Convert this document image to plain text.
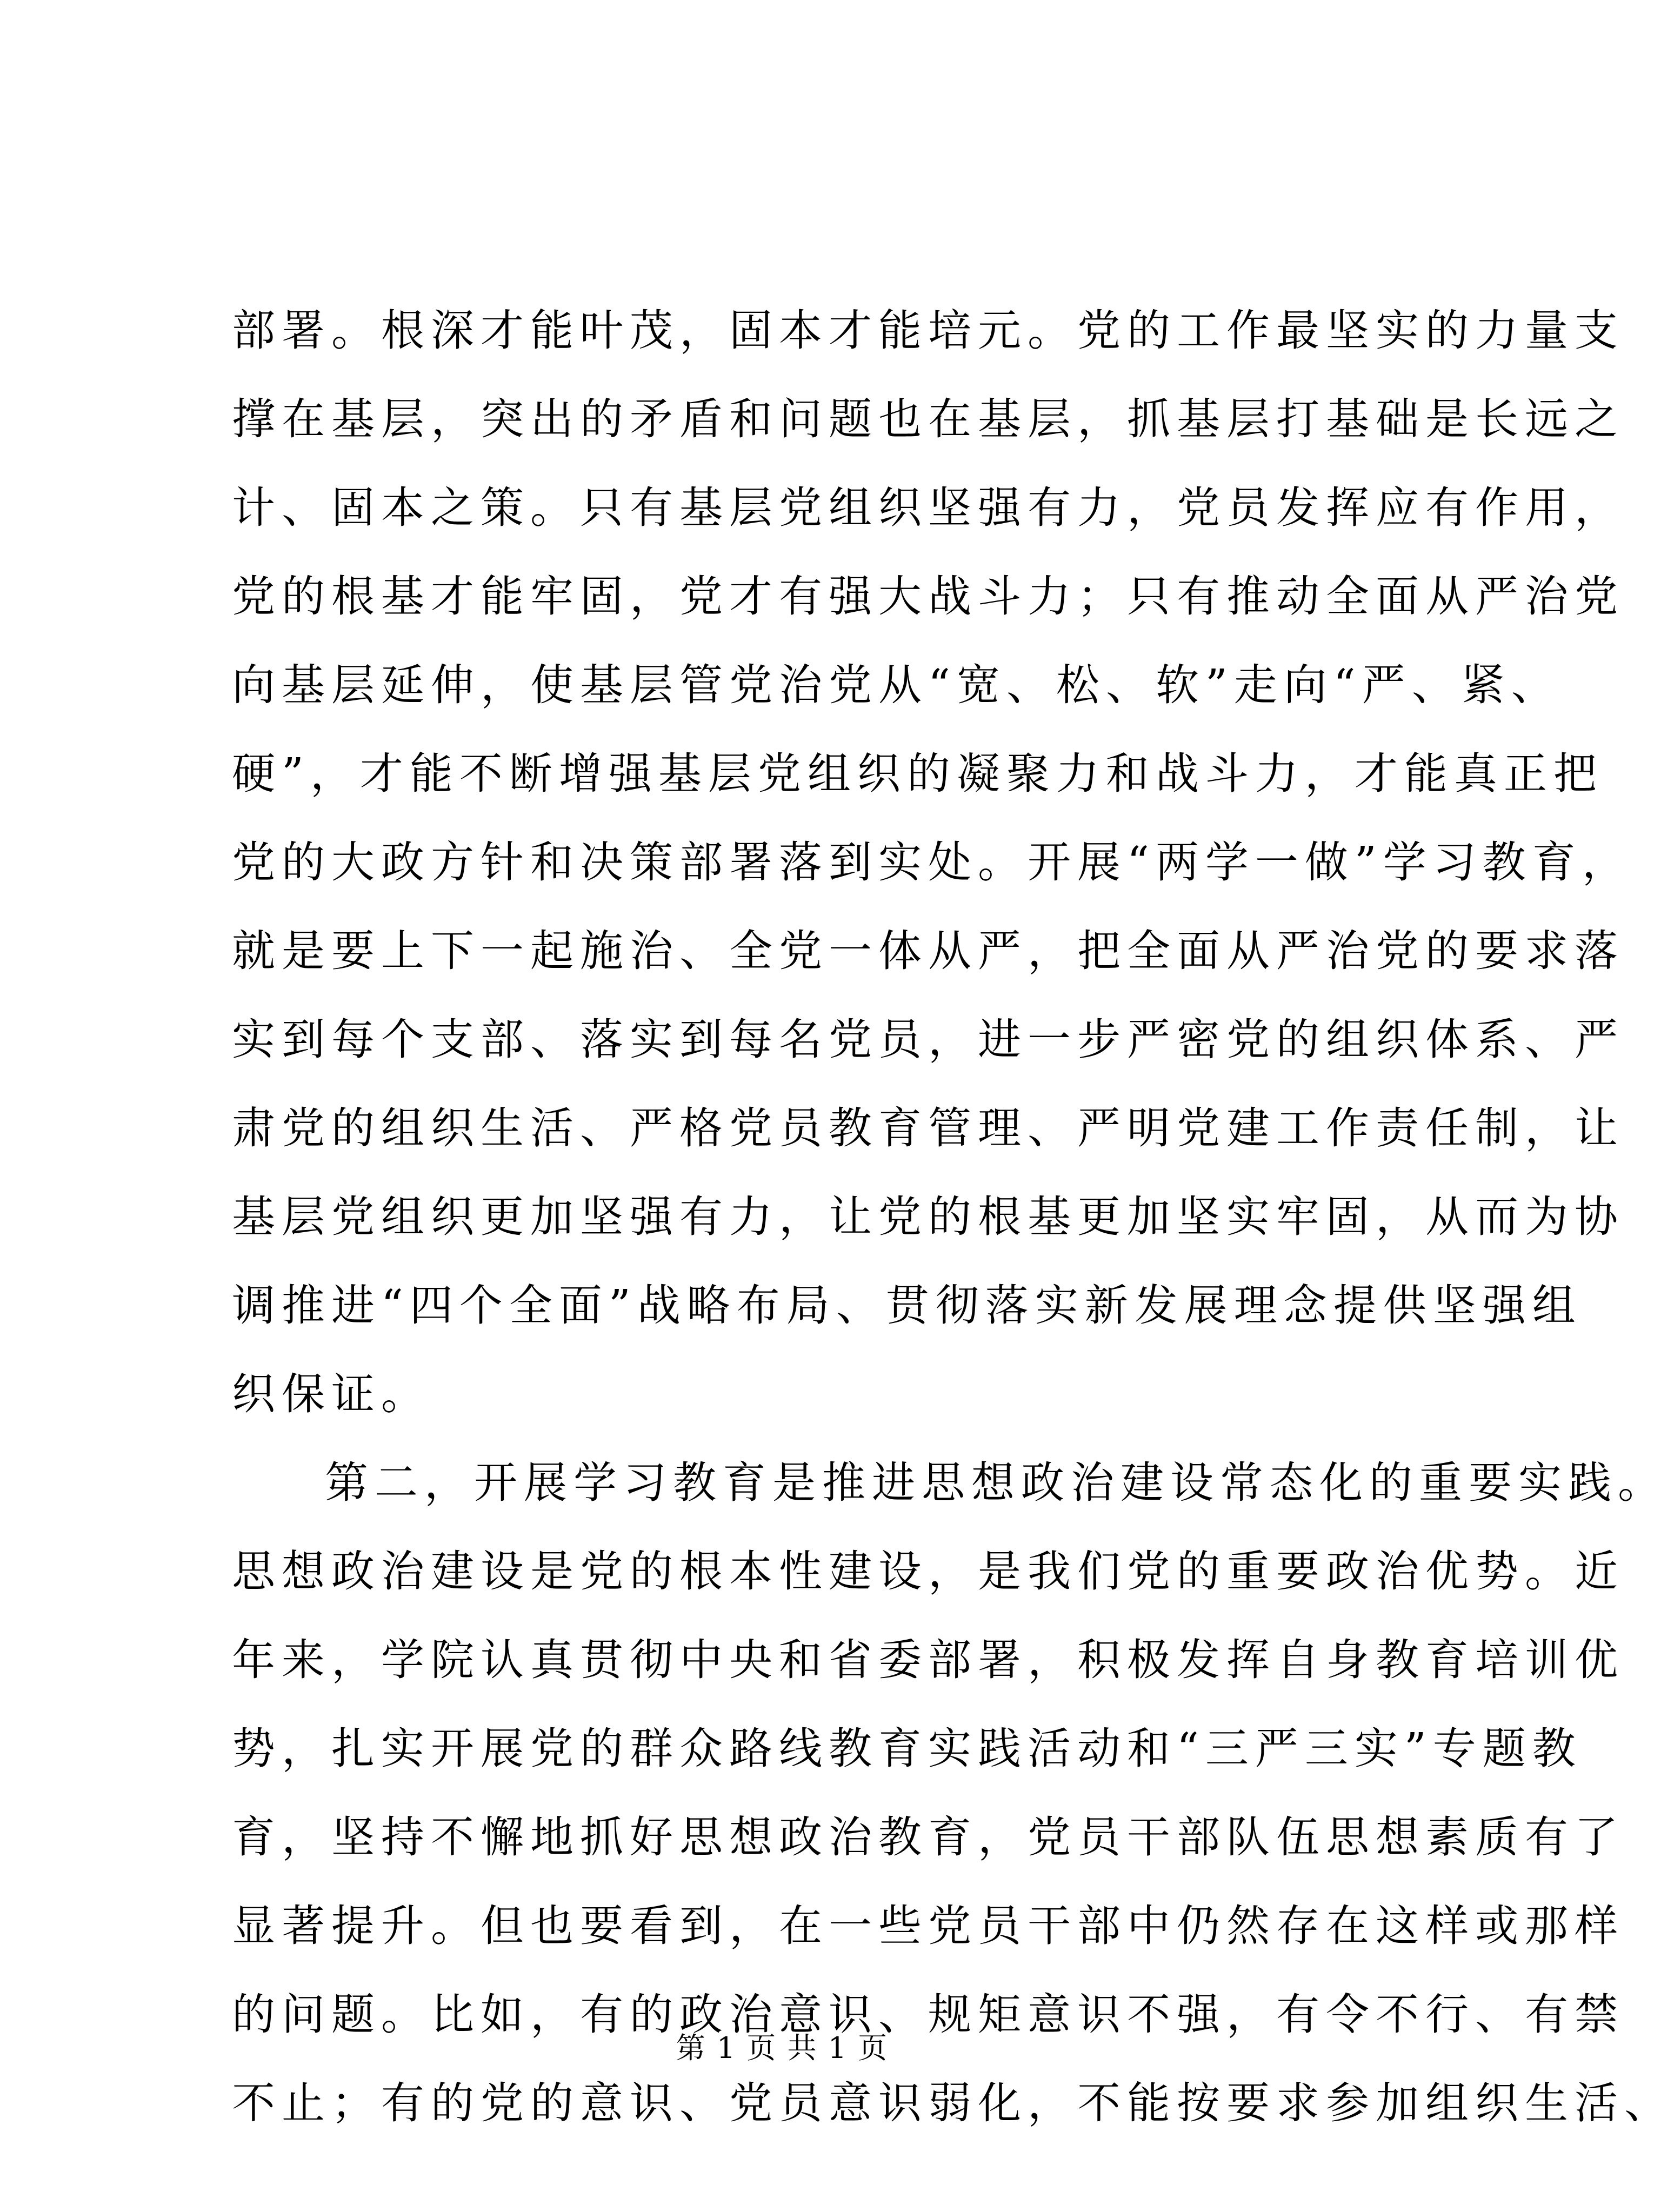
部署。根深才能叶茂，固本才能培元。党的工作最坚实的力量支
撑在基层，突出的矛盾和问题也在基层，抓基层打基础是长远之
计、固本之策。只有基层党组织坚强有力，党员发挥应有作用，
党的根基才能牢固，党才有强大战斗力；只有推动全面从严治党
向基层延伸，使基层管党治党从“宽、松、软”走向“严、紧、
硬”，才能不断增强基层党组织的凝聚力和战斗力，才能真正把
党的大政方针和决策部署落到实处。开展“两学一做”学习教育，
就是要上下一起施治、全党一体从严，把全面从严治党的要求落
实到每个支部、落实到每名党员，进一步严密党的组织体系、严
肃党的组织生活、严格党员教育管理、严明党建工作责任制，让
基层党组织更加坚强有力，让党的根基更加坚实牢固，从而为协
调推进“四个全面”战略布局、贯彻落实新发展理念提供坚强组
织保证。
第二，开展学习教育是推进思想政治建设常态化的重要实践。
思想政治建设是党的根本性建设，是我们党的重要政治优势。近
年来，学院认真贯彻中央和省委部署，积极发挥自身教育培训优
势，扎实开展党的群众路线教育实践活动和“三严三实”专题教
育，坚持不懈地抓好思想政治教育，党员干部队伍思想素质有了
显著提升。但也要看到，在一些党员干部中仍然存在这样或那样
的问题。比如，有的政治意识、规矩意识不强，有令不行、有禁
不止；有的党的意识、党员意识弱化，不能按要求参加组织生活、
第 1 页 共 1 页
